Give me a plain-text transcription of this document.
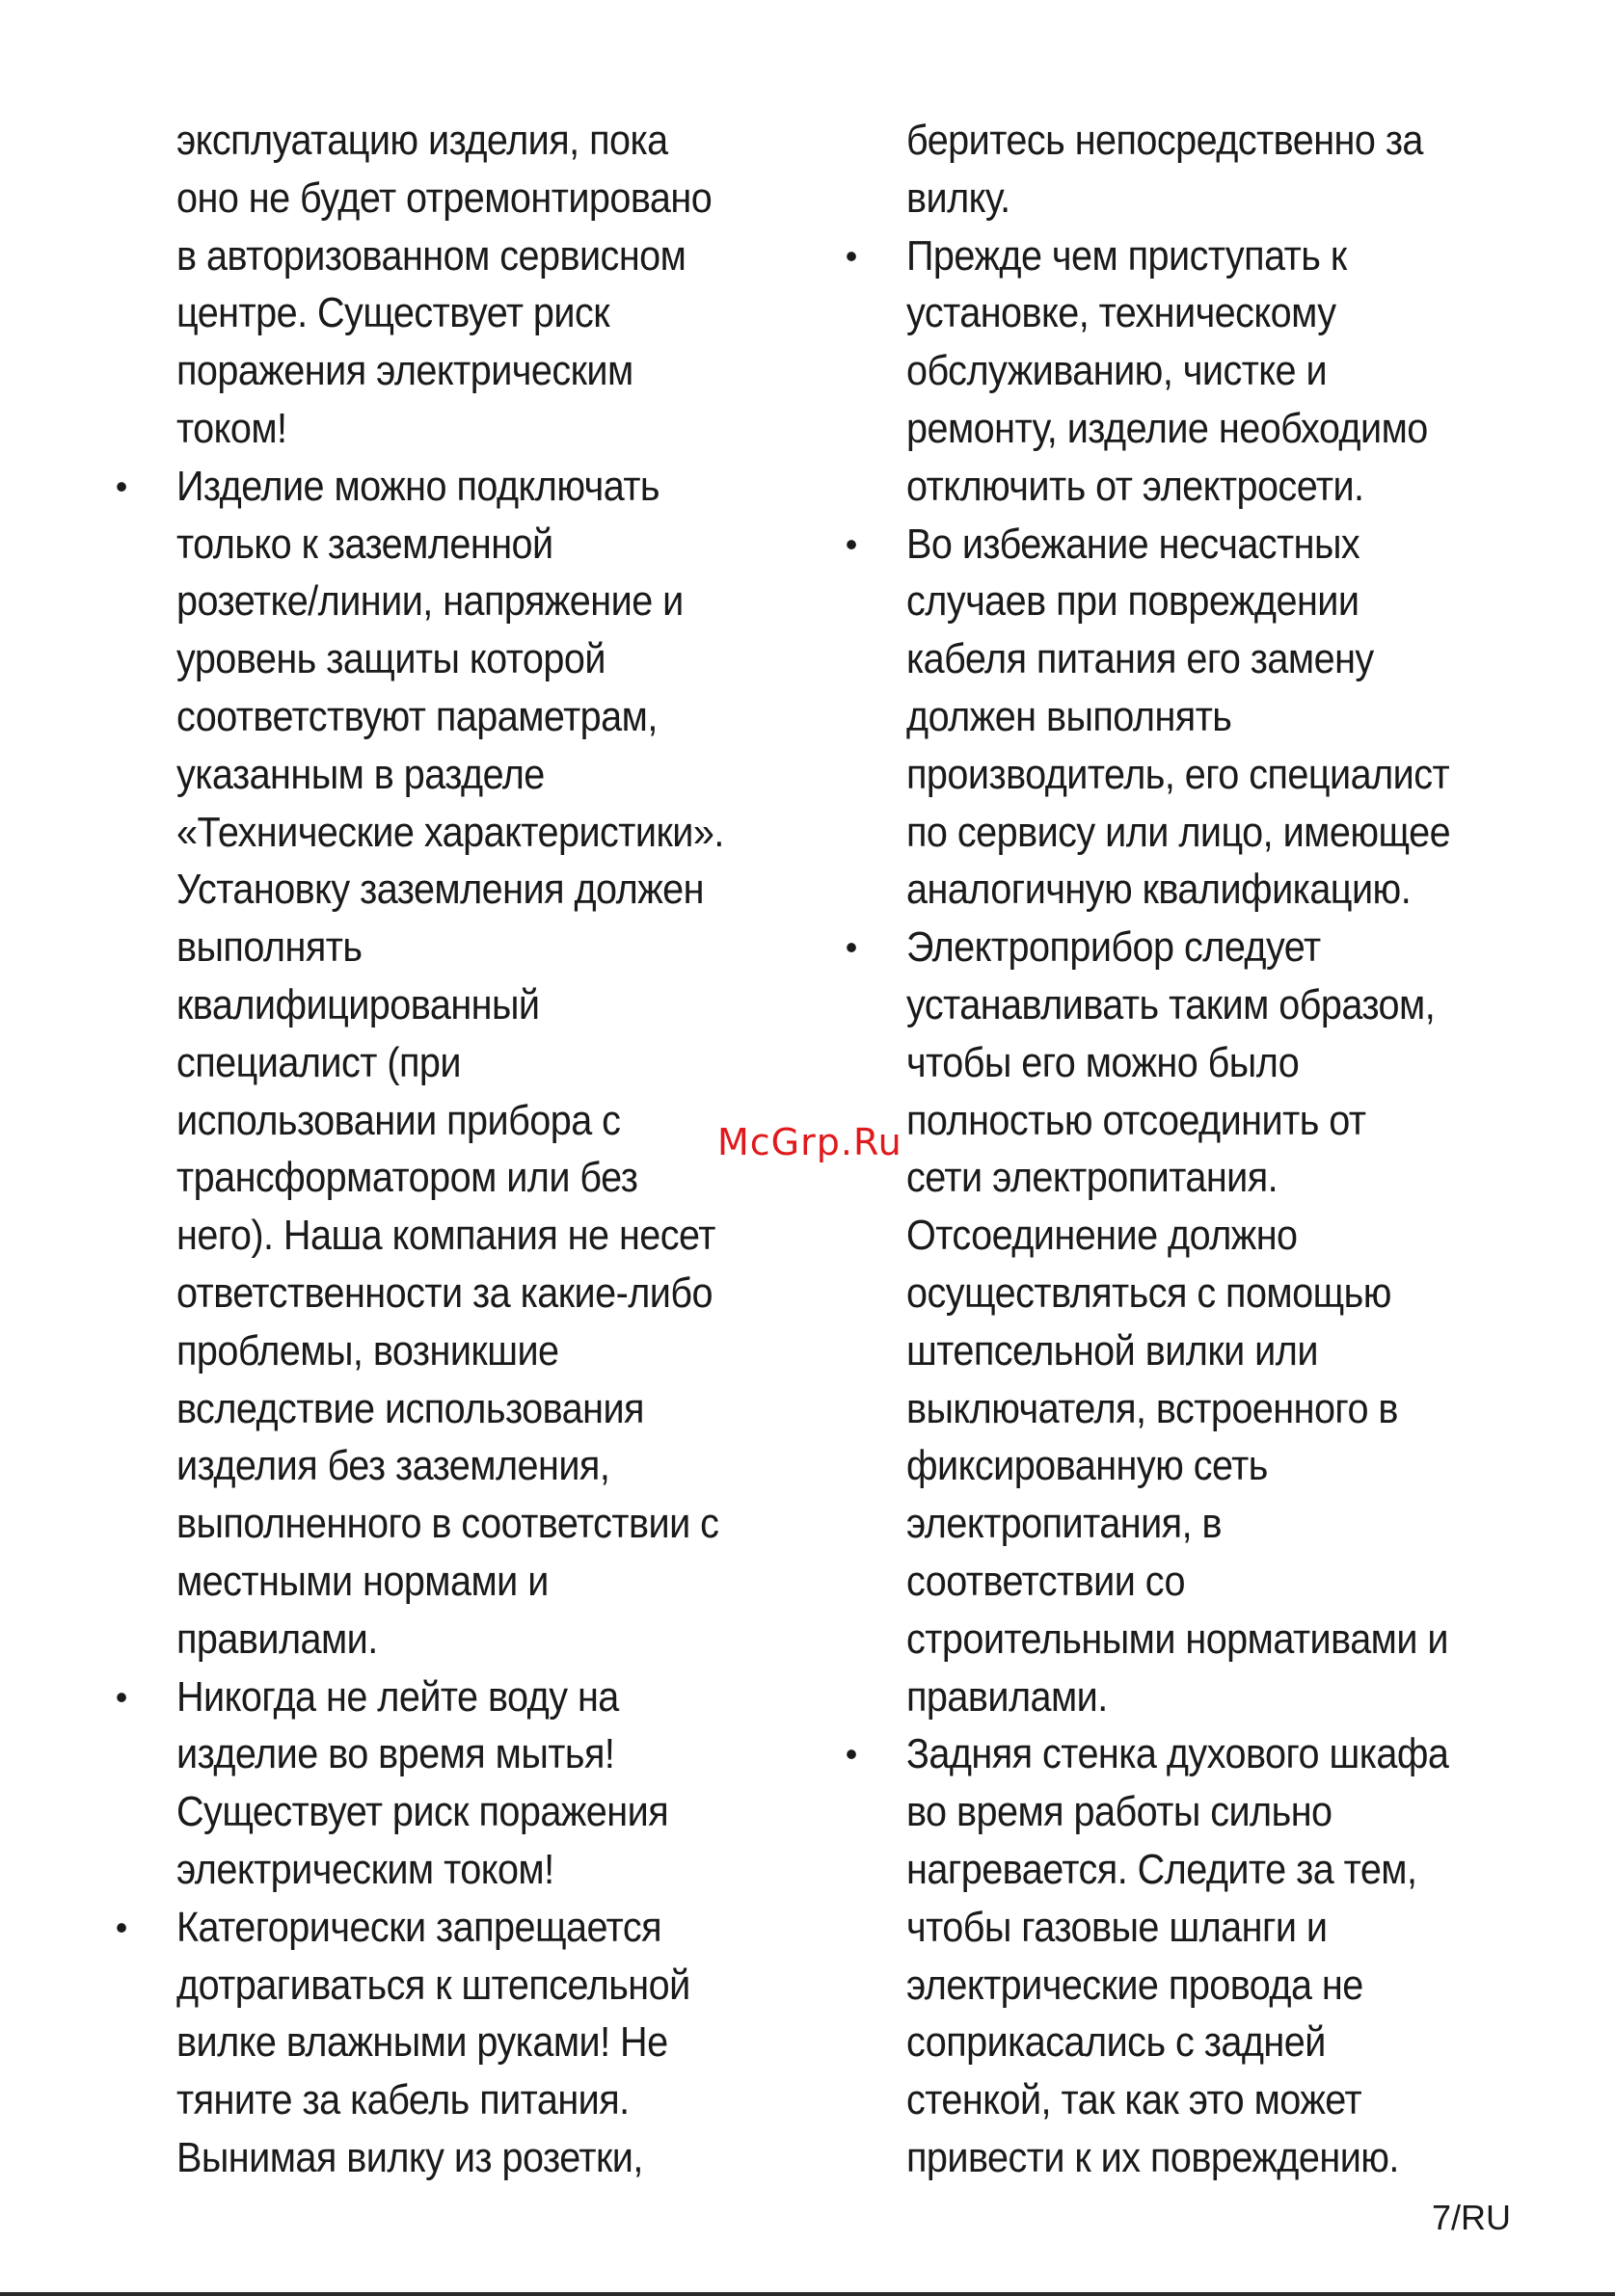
эксплуатацию изделия, пока
оно не будет отремонтировано
в авторизованном сервисном
центре. Существует риск
поражения электрическим
током!
• Изделие можно подключать
только к заземленной
розетке/линии, напряжение и
уровень защиты которой
соответствуют параметрам,
указанным в разделе
«Технические характеристики».
Установку заземления должен
выполнять
квалифицированный
специалист (при
использовании прибора с
трансформатором или без
него). Наша компания не несет
ответственности за какие-либо
проблемы, возникшие
вследствие использования
изделия без заземления,
выполненного в соответствии с
местными нормами и
правилами.
• Никогда не лейте воду на
изделие во время мытья!
Существует риск поражения
электрическим током!
• Категорически запрещается
дотрагиваться к штепсельной
вилке влажными руками! Не
тяните за кабель питания.
Вынимая вилку из розетки,
беритесь непосредственно за
вилку.
• Прежде чем приступать к
установке, техническому
обслуживанию, чистке и
ремонту, изделие необходимо
отключить от электросети.
• Во избежание несчастных
случаев при повреждении
кабеля питания его замену
должен выполнять
производитель, его специалист
по сервису или лицо, имеющее
аналогичную квалификацию.
• Электроприбор следует
устанавливать таким образом,
чтобы его можно было
полностью отсоединить от
сети электропитания.
Отсоединение должно
осуществляться с помощью
штепсельной вилки или
выключателя, встроенного в
фиксированную сеть
электропитания, в
соответствии со
строительными нормативами и
правилами.
• Задняя стенка духового шкафа
во время работы сильно
нагревается. Следите за тем,
чтобы газовые шланги и
электрические провода не
соприкасались с задней
стенкой, так как это может
привести к их повреждению.
McGrp.Ru
7/RU
